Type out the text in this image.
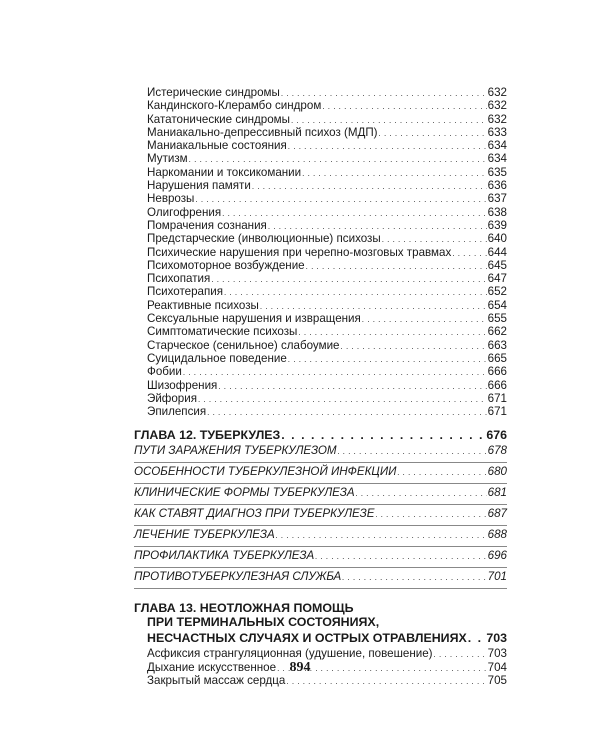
Истерические синдромы . . .	632
Кандинского-Клерамбо синдром . . .	632
Кататонические синдромы . . .	632
Маниакально-депрессивный психоз (МДП) . . .	633
Маниакальные состояния . . .	634
Мутизм . . .	634
Наркомании и токсикомании . . .	635
Нарушения памяти . . .	636
Неврозы . . .	637
Олигофрения . . .	638
Помрачения сознания . . .	639
Предстарческие (инволюционные) психозы . . .	640
Психические нарушения при черепно-мозговых травмах . . .	644
Психомоторное возбуждение . . .	645
Психопатия . . .	647
Психотерапия . . .	652
Реактивные психозы . . .	654
Сексуальные нарушения и извращения . . .	655
Симптоматические психозы . . .	662
Старческое (сенильное) слабоумие . . .	663
Суицидальное поведение . . .	665
Фобии . . .	666
Шизофрения . . .	666
Эйфория . . .	671
Эпилепсия . . .	671
ГЛАВА 12. ТУБЕРКУЛЕЗ . . .	676
ПУТИ ЗАРАЖЕНИЯ ТУБЕРКУЛЕЗОМ . . .	678
ОСОБЕННОСТИ ТУБЕРКУЛЕЗНОЙ ИНФЕКЦИИ . . .	680
КЛИНИЧЕСКИЕ ФОРМЫ ТУБЕРКУЛЕЗА . . .	681
КАК СТАВЯТ ДИАГНОЗ ПРИ ТУБЕРКУЛЕЗЕ . . .	687
ЛЕЧЕНИЕ ТУБЕРКУЛЕЗА . . .	688
ПРОФИЛАКТИКА ТУБЕРКУЛЕЗА . . .	696
ПРОТИВОТУБЕРКУЛЕЗНАЯ СЛУЖБА . . .	701
ГЛАВА 13. НЕОТЛОЖНАЯ ПОМОЩЬ
ПРИ ТЕРМИНАЛЬНЫХ СОСТОЯНИЯХ,
НЕСЧАСТНЫХ СЛУЧАЯХ И ОСТРЫХ ОТРАВЛЕНИЯХ . . . 703
Асфиксия странгуляционная (удушение, повешение) . . .	703
Дыхание искусственное . . .	704
Закрытый массаж сердца . . .	705
894
